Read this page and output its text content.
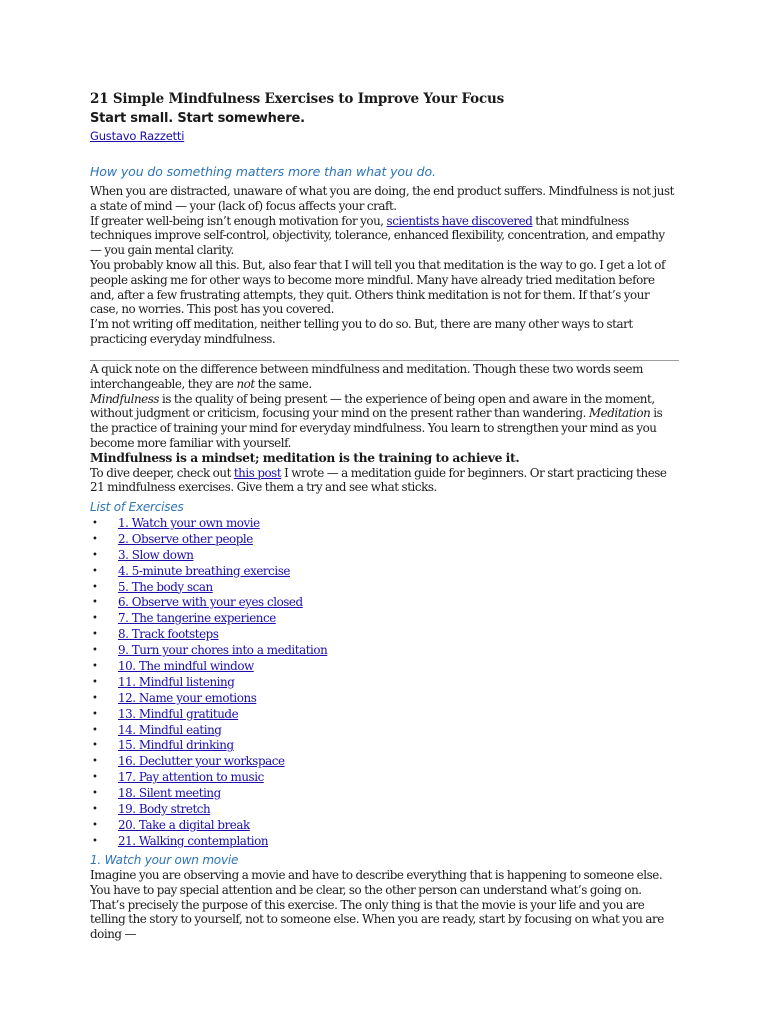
21 Simple Mindfulness Exercises to Improve Your Focus
Start small. Start somewhere.
Gustavo Razzetti
How you do something matters more than what you do.

When you are distracted, unaware of what you are doing, the end product suffers. Mindfulness is not just a state of mind — your (lack of) focus affects your craft.

If greater well-being isn’t enough motivation for you, scientists have discovered that mindfulness techniques improve self-control, objectivity, tolerance, enhanced flexibility, concentration, and empathy — you gain mental clarity.

You probably know all this. But, also fear that I will tell you that meditation is the way to go. I get a lot of people asking me for other ways to become more mindful. Many have already tried meditation before and, after a few frustrating attempts, they quit. Others think meditation is not for them. If that’s your case, no worries. This post has you covered.

I’m not writing off meditation, neither telling you to do so. But, there are many other ways to start practicing everyday mindfulness.

A quick note on the difference between mindfulness and meditation. Though these two words seem interchangeable, they are not the same.

Mindfulness is the quality of being present — the experience of being open and aware in the moment, without judgment or criticism, focusing your mind on the present rather than wandering. Meditation is the practice of training your mind for everyday mindfulness. You learn to strengthen your mind as you become more familiar with yourself.

Mindfulness is a mindset; meditation is the training to achieve it.

To dive deeper, check out this post I wrote — a meditation guide for beginners. Or start practicing these 21 mindfulness exercises. Give them a try and see what sticks.

List of Exercises
• 1. Watch your own movie
• 2. Observe other people
• 3. Slow down
• 4. 5-minute breathing exercise
• 5. The body scan
• 6. Observe with your eyes closed
• 7. The tangerine experience
• 8. Track footsteps
• 9. Turn your chores into a meditation
• 10. The mindful window
• 11. Mindful listening
• 12. Name your emotions
• 13. Mindful gratitude
• 14. Mindful eating
• 15. Mindful drinking
• 16. Declutter your workspace
• 17. Pay attention to music
• 18. Silent meeting
• 19. Body stretch
• 20. Take a digital break
• 21. Walking contemplation
1. Watch your own movie

Imagine you are observing a movie and have to describe everything that is happening to someone else. You have to pay special attention and be clear, so the other person can understand what’s going on.

That’s precisely the purpose of this exercise. The only thing is that the movie is your life and you are telling the story to yourself, not to someone else. When you are ready, start by focusing on what you are doing —
